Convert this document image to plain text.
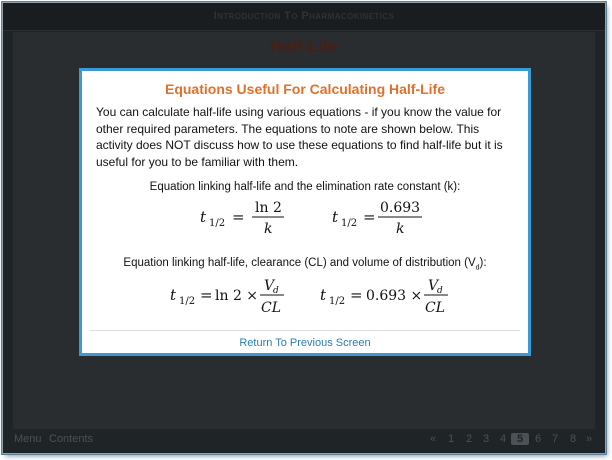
Introduction To Pharmacokinetics
Half-Life
Equations Useful For Calculating Half-Life
You can calculate half-life using various equations - if you know the value for other required parameters. The equations to note are shown below. This activity does NOT discuss how to use these equations to find half-life but it is useful for you to be familiar with them.
Equation linking half-life and the elimination rate constant (k):
t 1/2 = ln 2
k
t 1/2 = 0.693
k
Equation linking half-life, clearance (CL) and volume of distribution $(V_d)$:
t 1/2 = ln 2 ×
V
d
CL
t 1/2 = 0.693 ×
V
d
CL
Return To Previous Screen
Menu Contents	« 1 2 3 4 5	6 7 8 »
